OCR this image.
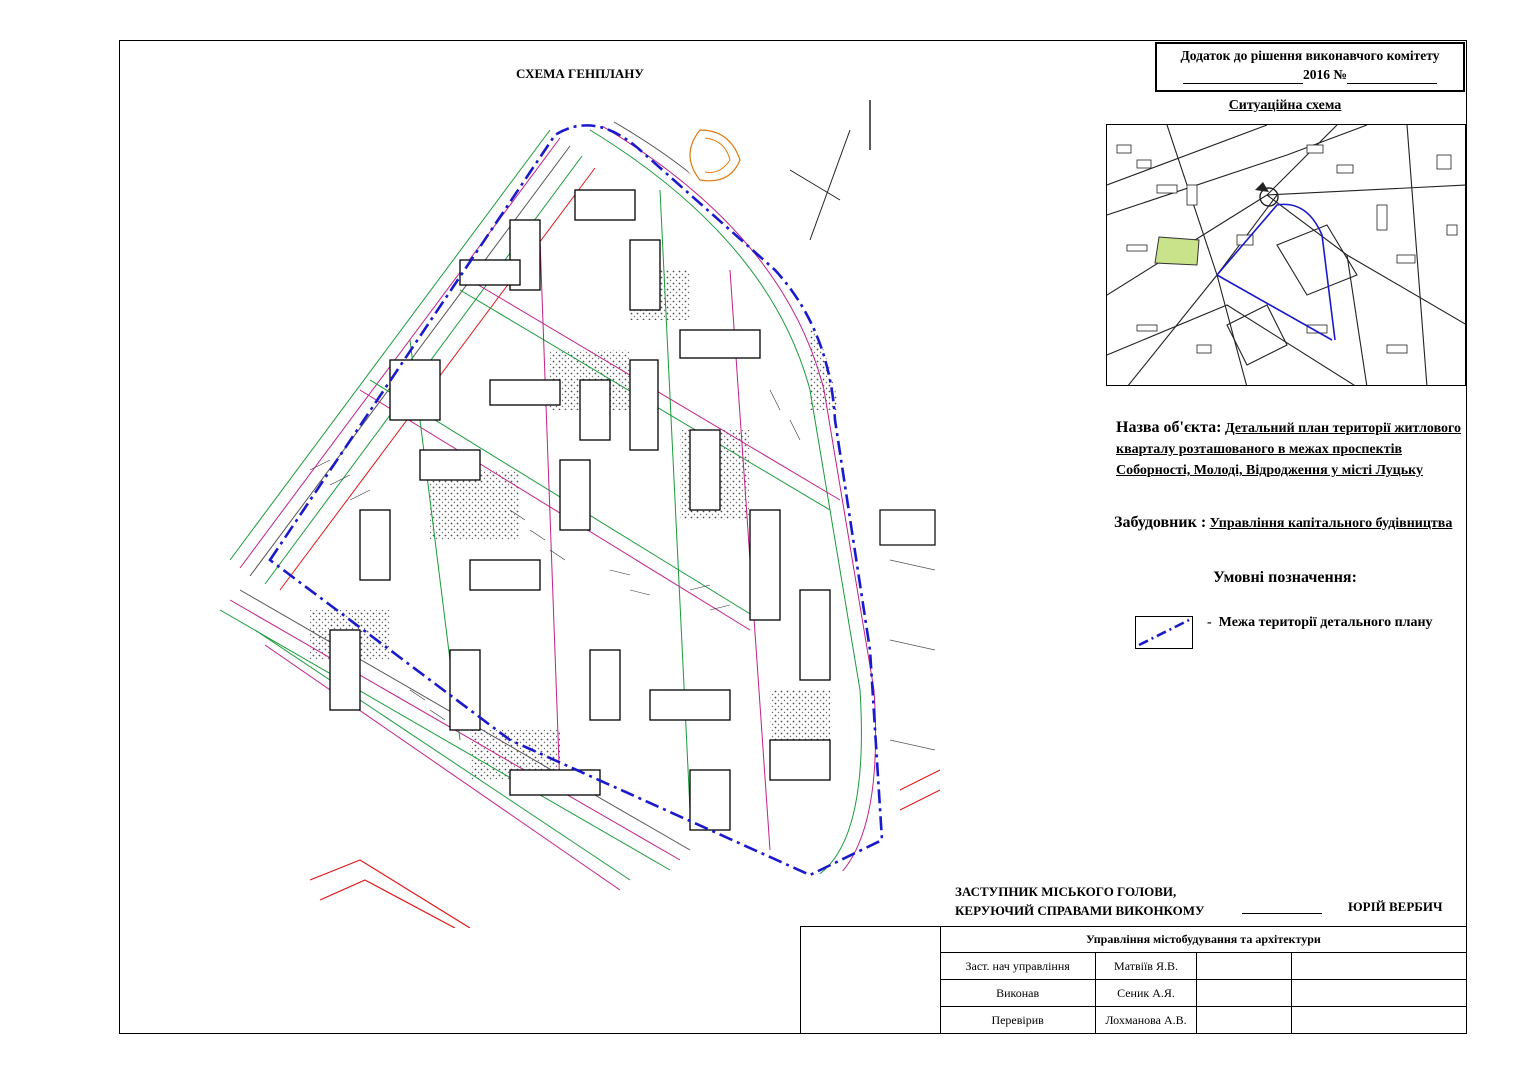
СХЕМА ГЕНПЛАНУ
Додаток до рішення виконавчого комітету
2016 №
Ситуаційна схема
Назва об'єкта: Детальний план території житлового кварталу розташованого в межах проспектів Соборності, Молоді, Відродження у місті Луцьку
Забудовник : Управління капітального будівництва
Умовні позначення:
- Межа території детального плану
ЗАСТУПНИК МІСЬКОГО ГОЛОВИ,
КЕРУЮЧИЙ СПРАВАМИ ВИКОНКОМУ	ЮРІЙ ВЕРБИЧ
	Управління містобудування та архітектури			
	Заст. нач управління	Матвіїв Я.В.		
	Виконав	Сеник А.Я.		
	Перевірив	Лохманова А.В.		
